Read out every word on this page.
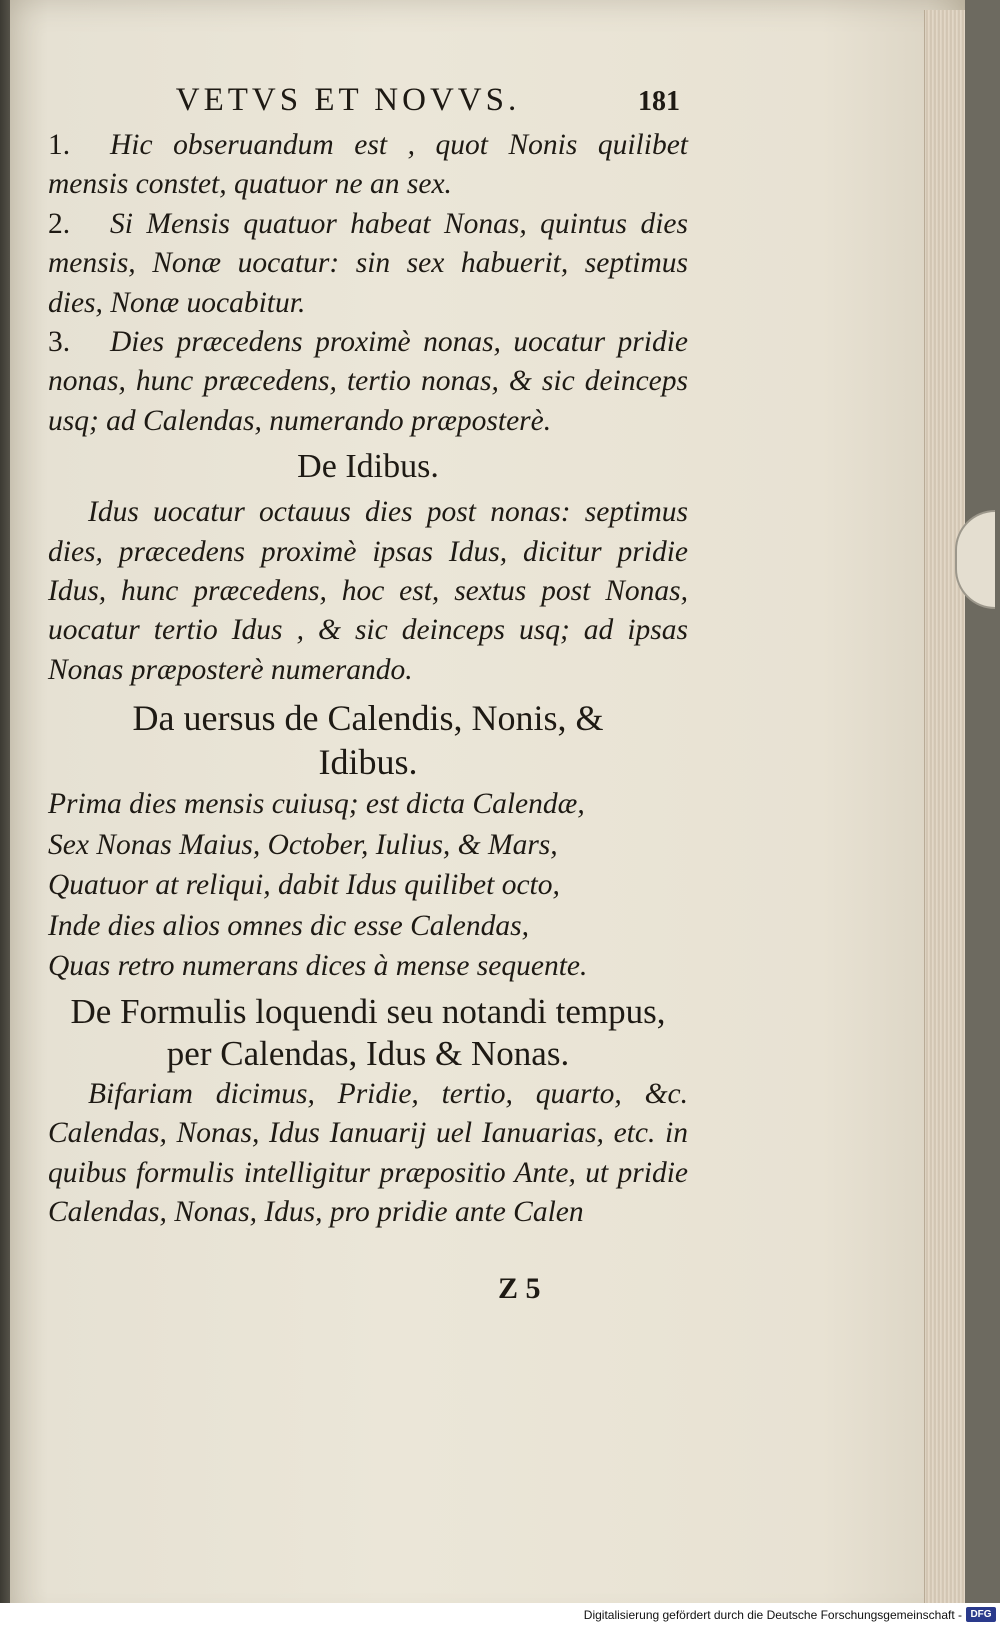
VETVS ET NOVVS.	181

1. Hic obseruandum est , quot Nonis quilibet mensis constet, quatuor ne an sex.

2. Si Mensis quatuor habeat Nonas, quintus dies mensis, Nonæ uocatur: sin sex habuerit, septimus dies, Nonæ uocabitur.

3. Dies præcedens proximè nonas, uocatur pridie nonas, hunc præcedens, tertio nonas, & sic deinceps usq; ad Calendas, numerando præposterè.

De Idibus.

Idus uocatur octauus dies post nonas: septimus dies, præcedens proximè ipsas Idus, dicitur pridie Idus, hunc præcedens, hoc est, sextus post Nonas, uocatur tertio Idus , & sic deinceps usq; ad ipsas Nonas præposterè numerando.

Da uersus de Calendis, Nonis, & Idibus.

Prima dies mensis cuiusq; est dicta Calendæ,

Sex Nonas Maius, October, Iulius, & Mars,

Quatuor at reliqui, dabit Idus quilibet octo,

Inde dies alios omnes dic esse Calendas,

Quas retro numerans dices à mense sequente.

De Formulis loquendi seu notandi tempus, per Calendas, Idus & Nonas.

Bifariam dicimus, Pridie, tertio, quarto, &c. Calendas, Nonas, Idus Ianuarij uel Ianuarias, etc. in quibus formulis intelligitur præpositio Ante, ut pridie Calendas, Nonas, Idus, pro pridie ante Calen

Z 5
Digitalisierung gefördert durch die Deutsche Forschungsgemeinschaft - DFG
